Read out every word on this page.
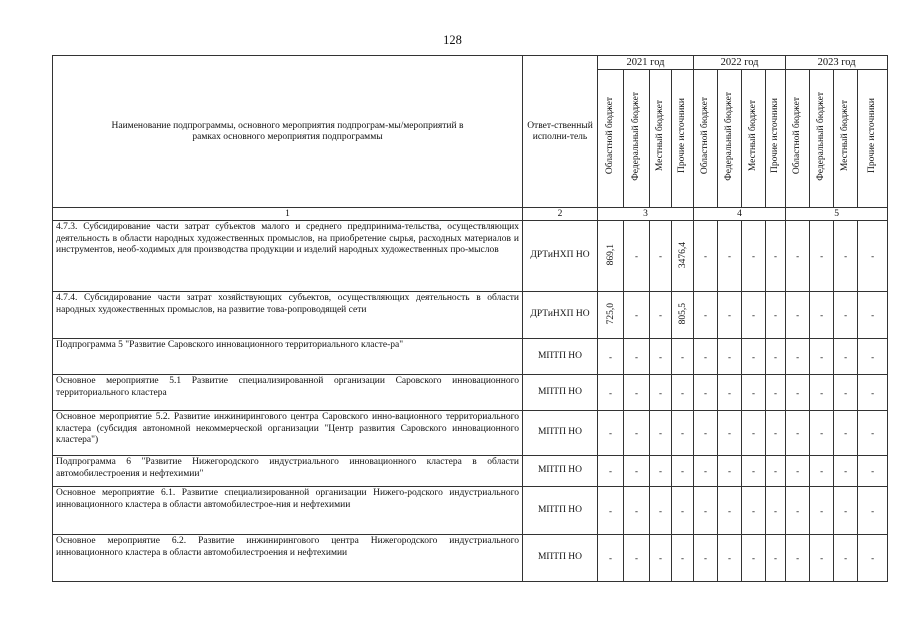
128
Наименование подпрограммы, основного мероприятия подпрограм-мы/мероприятий в рамках основного мероприятия подпрограммы	Ответ-ственный исполни-тель	2021 год				2022 год				2023 год			
		Областной бюджет	Федеральный бюджет	Местный бюджет	Прочие источники	Областной бюджет	Федеральный бюджет	Местный бюджет	Прочие источники	Областной бюджет	Федеральный бюджет	Местный бюджет	Прочие источники
1	2	3				4				5			
4.7.3. Субсидирование части затрат субъектов малого и среднего предпринима-тельства, осуществляющих деятельность в области народных художественных промыслов, на приобретение сырья, расходных материалов и инструментов, необ-ходимых для производства продукции и изделий народных художественных про-мыслов	ДРТиНХП НО	869,1	-	-	3476,4	-	-	-	-	-	-	-	-
4.7.4. Субсидирование части затрат хозяйствующих субъектов, осуществляющих деятельность в области народных художественных промыслов, на развитие това-ропроводящей сети	ДРТиНХП НО	725,0	-	-	805,5	-	-	-	-	-	-	-	-
Подпрограмма 5 "Развитие Саровского инновационного территориального класте-ра"	МПТП НО	-	-	-	-	-	-	-	-	-	-	-	-
Основное мероприятие 5.1 Развитие специализированной организации Саровского инновационного территориального кластера	МПТП НО	-	-	-	-	-	-	-	-	-	-	-	-
Основное мероприятие 5.2. Развитие инжинирингового центра Саровского инно-вационного территориального кластера (субсидия автономной некоммерческой организации "Центр развития Саровского инновационного кластера")	МПТП НО	-	-	-	-	-	-	-	-	-	-	-	-
Подпрограмма 6 "Развитие Нижегородского индустриального инновационного кластера в области автомобилестроения и нефтехимии"	МПТП НО	-	-	-	-	-	-	-	-	-	-	-	-
Основное мероприятие 6.1. Развитие специализированной организации Нижего-родского индустриального инновационного кластера в области автомобилестрое-ния и нефтехимии	МПТП НО	-	-	-	-	-	-	-	-	-	-	-	-
Основное мероприятие 6.2. Развитие инжинирингового центра Нижегородского индустриального инновационного кластера в области автомобилестроения и нефтехимии	МПТП НО	-	-	-	-	-	-	-	-	-	-	-	-
